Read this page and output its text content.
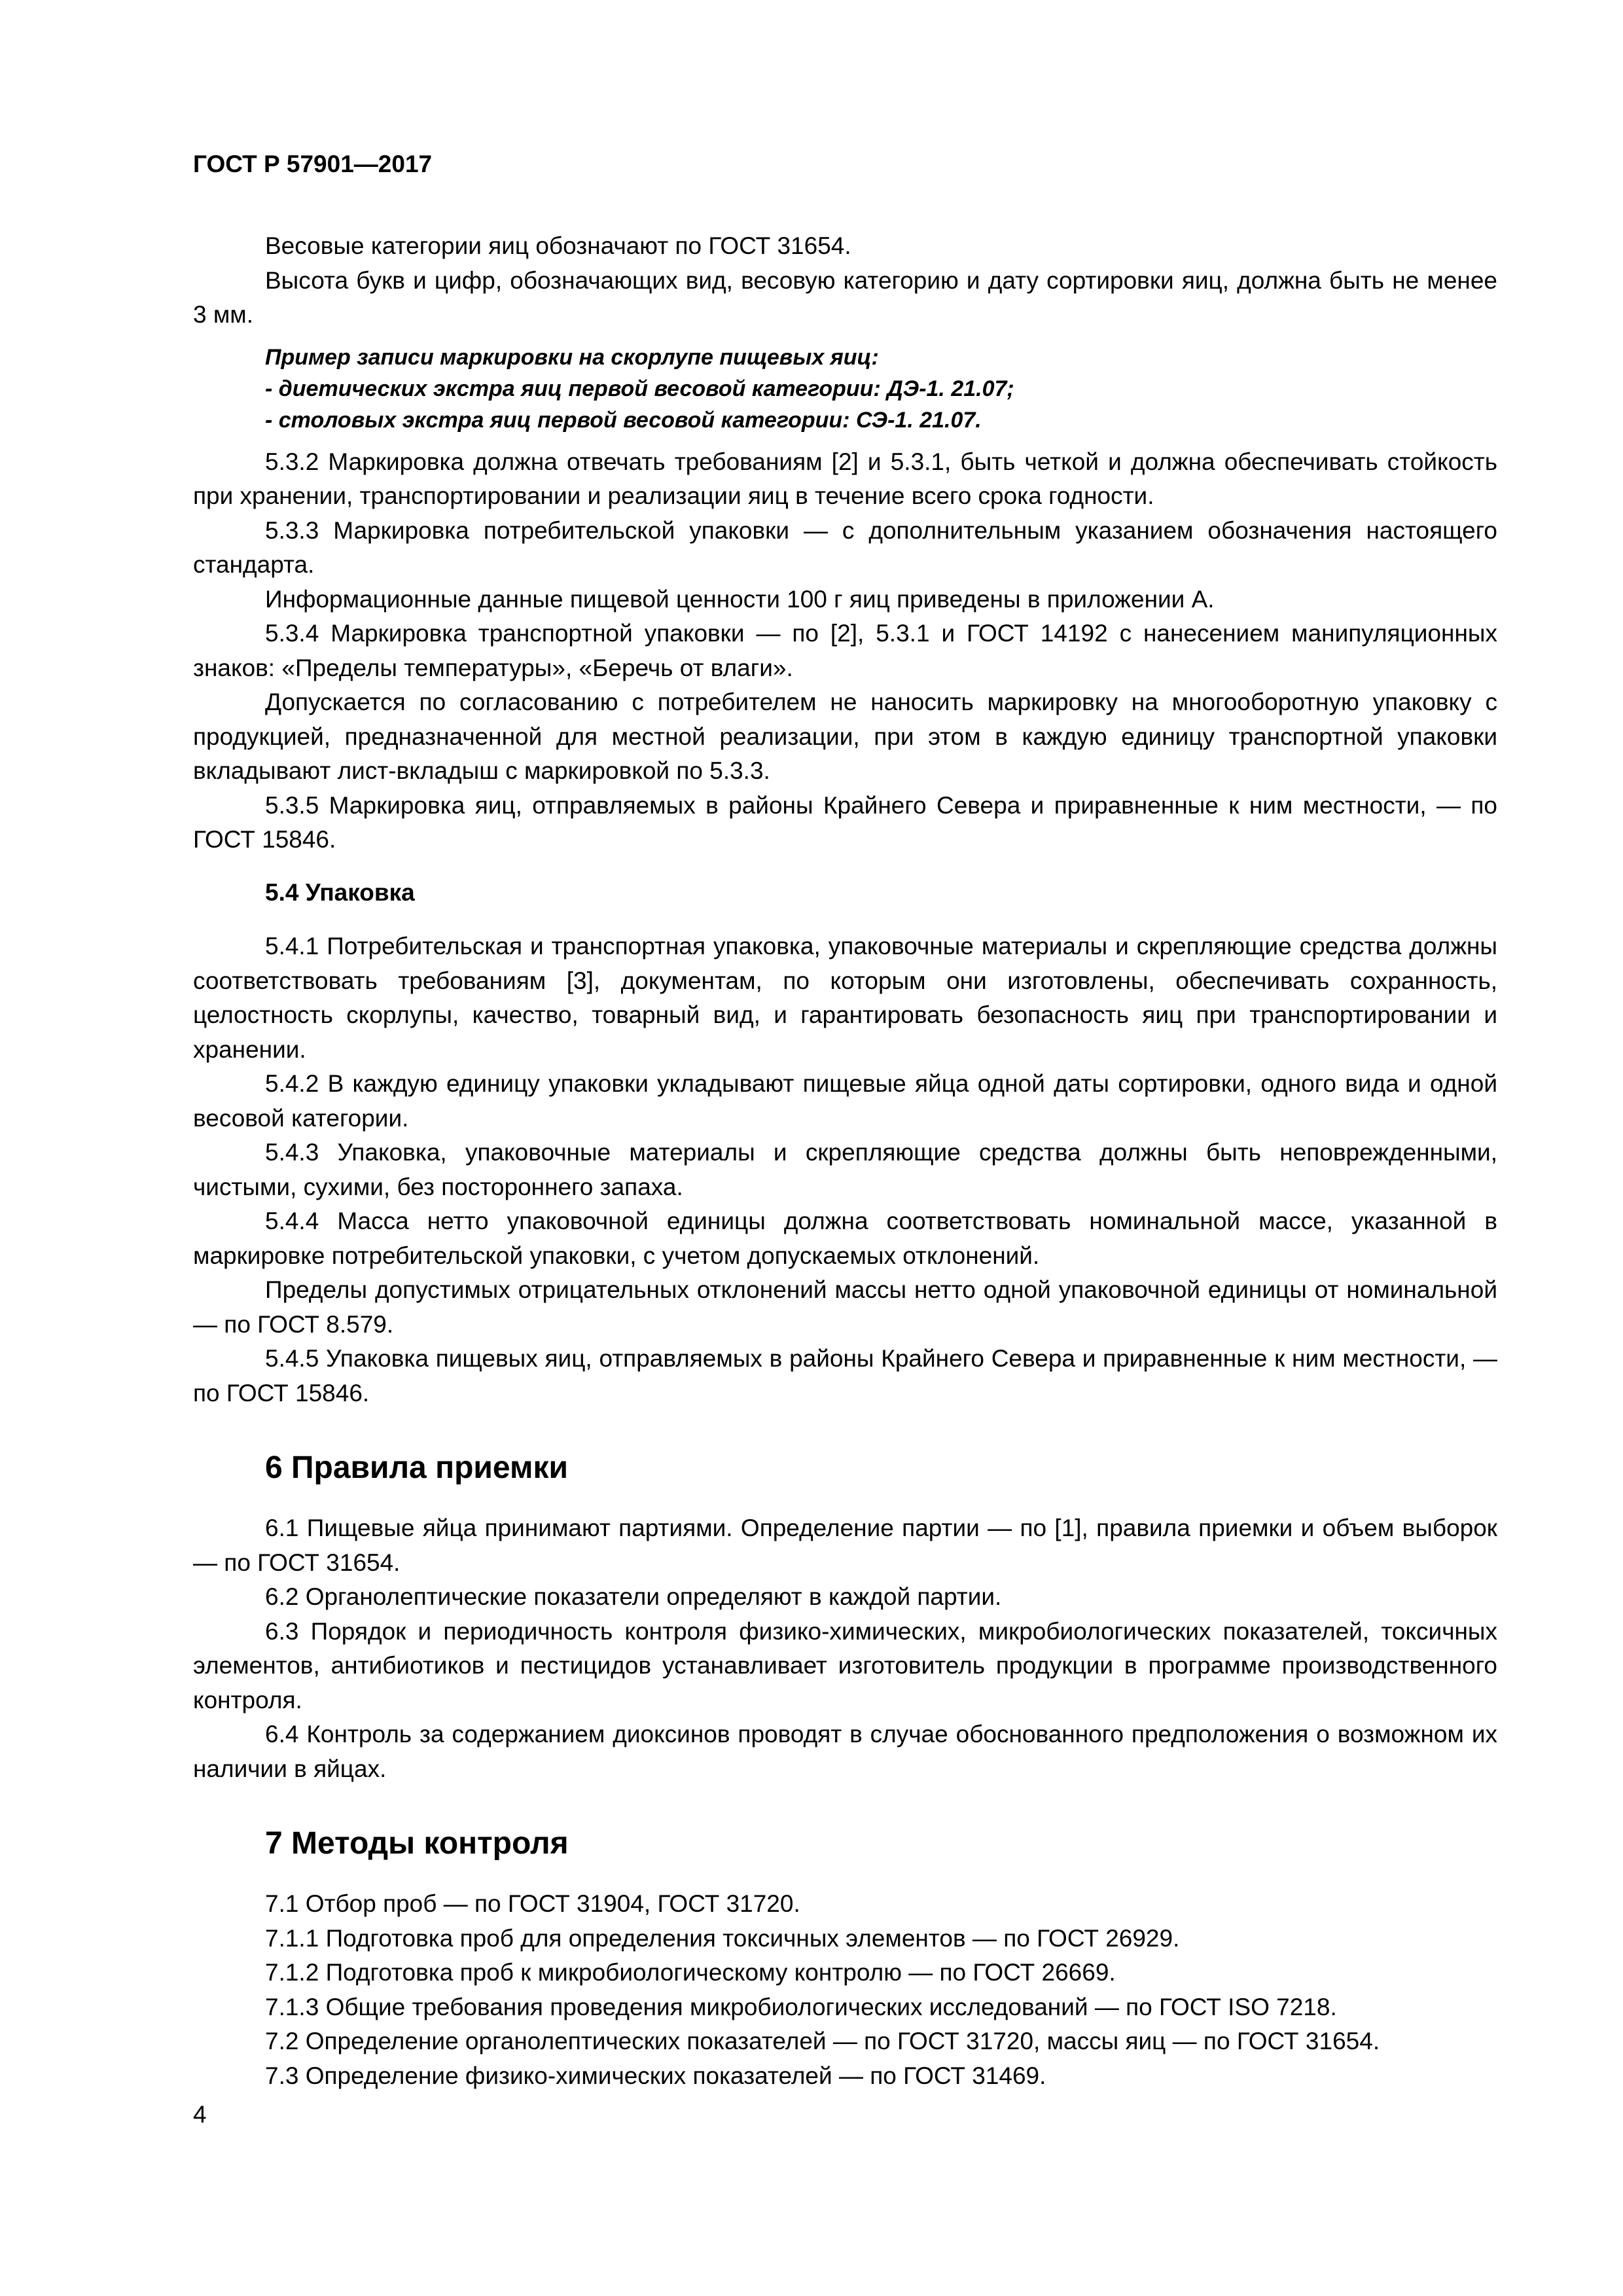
ГОСТ Р 57901—2017

Весовые категории яиц обозначают по ГОСТ 31654.

Высота букв и цифр, обозначающих вид, весовую категорию и дату сортировки яиц, должна быть не менее 3 мм.

Пример записи маркировки на скорлупе пищевых яиц:
- диетических экстра яиц первой весовой категории: ДЭ-1. 21.07;
- столовых экстра яиц первой весовой категории: СЭ-1. 21.07.

5.3.2 Маркировка должна отвечать требованиям [2] и 5.3.1, быть четкой и должна обеспечивать стойкость при хранении, транспортировании и реализации яиц в течение всего срока годности.

5.3.3 Маркировка потребительской упаковки — с дополнительным указанием обозначения настоящего стандарта.

Информационные данные пищевой ценности 100 г яиц приведены в приложении А.

5.3.4 Маркировка транспортной упаковки — по [2], 5.3.1 и ГОСТ 14192 с нанесением манипуляционных знаков: «Пределы температуры», «Беречь от влаги».

Допускается по согласованию с потребителем не наносить маркировку на многооборотную упаковку с продукцией, предназначенной для местной реализации, при этом в каждую единицу транспортной упаковки вкладывают лист-вкладыш с маркировкой по 5.3.3.

5.3.5 Маркировка яиц, отправляемых в районы Крайнего Севера и приравненные к ним местности, — по ГОСТ 15846.

5.4 Упаковка

5.4.1 Потребительская и транспортная упаковка, упаковочные материалы и скрепляющие средства должны соответствовать требованиям [3], документам, по которым они изготовлены, обеспечивать сохранность, целостность скорлупы, качество, товарный вид, и гарантировать безопасность яиц при транспортировании и хранении.

5.4.2 В каждую единицу упаковки укладывают пищевые яйца одной даты сортировки, одного вида и одной весовой категории.

5.4.3 Упаковка, упаковочные материалы и скрепляющие средства должны быть неповрежденными, чистыми, сухими, без постороннего запаха.

5.4.4 Масса нетто упаковочной единицы должна соответствовать номинальной массе, указанной в маркировке потребительской упаковки, с учетом допускаемых отклонений.

Пределы допустимых отрицательных отклонений массы нетто одной упаковочной единицы от номинальной — по ГОСТ 8.579.

5.4.5 Упаковка пищевых яиц, отправляемых в районы Крайнего Севера и приравненные к ним местности, — по ГОСТ 15846.

6 Правила приемки

6.1 Пищевые яйца принимают партиями. Определение партии — по [1], правила приемки и объем выборок — по ГОСТ 31654.

6.2 Органолептические показатели определяют в каждой партии.

6.3 Порядок и периодичность контроля физико-химических, микробиологических показателей, токсичных элементов, антибиотиков и пестицидов устанавливает изготовитель продукции в программе производственного контроля.

6.4 Контроль за содержанием диоксинов проводят в случае обоснованного предположения о возможном их наличии в яйцах.

7 Методы контроля

7.1 Отбор проб — по ГОСТ 31904, ГОСТ 31720.

7.1.1 Подготовка проб для определения токсичных элементов — по ГОСТ 26929.

7.1.2 Подготовка проб к микробиологическому контролю — по ГОСТ 26669.

7.1.3 Общие требования проведения микробиологических исследований — по ГОСТ ISO 7218.

7.2 Определение органолептических показателей — по ГОСТ 31720, массы яиц — по ГОСТ 31654.

7.3 Определение физико-химических показателей — по ГОСТ 31469.

4
